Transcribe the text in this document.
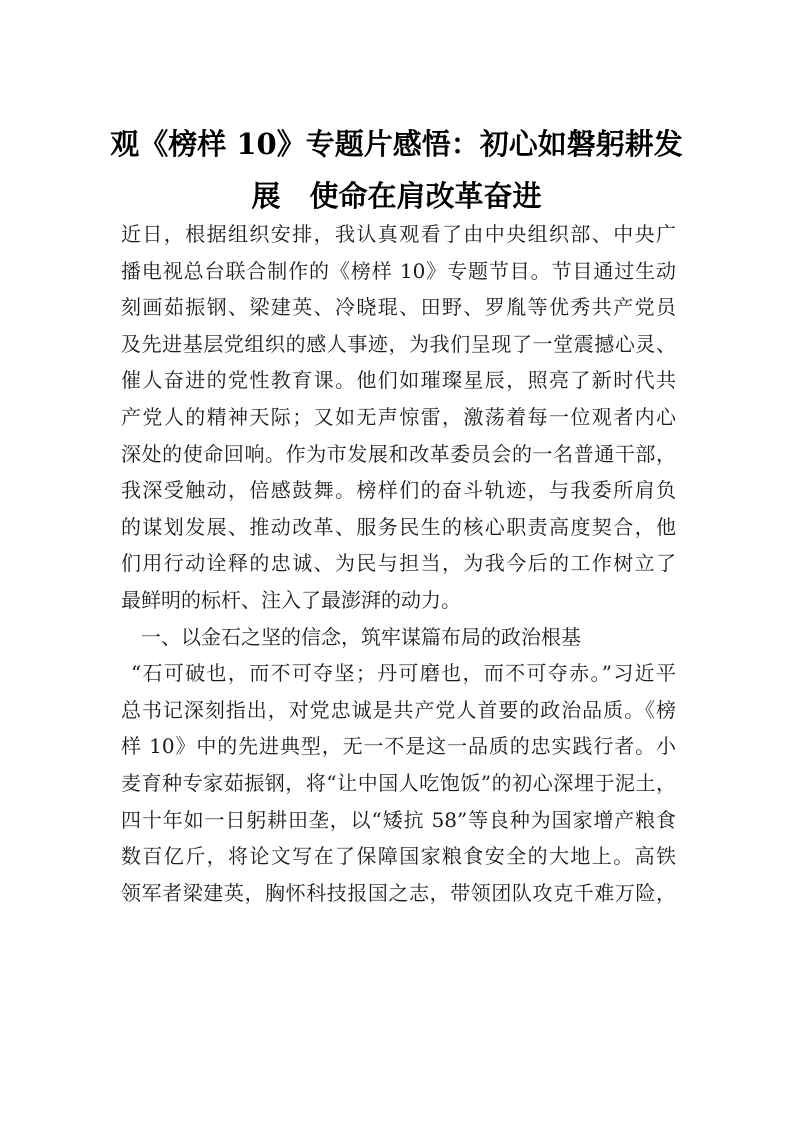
观《榜样 10》专题片感悟：初心如磐躬耕发
展　使命在肩改革奋进
近日，根据组织安排，我认真观看了由中央组织部、中央广
播电视总台联合制作的《榜样 10》专题节目。节目通过生动
刻画茹振钢、梁建英、冷晓琨、田野、罗胤等优秀共产党员
及先进基层党组织的感人事迹，为我们呈现了一堂震撼心灵、
催人奋进的党性教育课。他们如璀璨星辰，照亮了新时代共
产党人的精神天际；又如无声惊雷，激荡着每一位观者内心
深处的使命回响。作为市发展和改革委员会的一名普通干部，
我深受触动，倍感鼓舞。榜样们的奋斗轨迹，与我委所肩负
的谋划发展、推动改革、服务民生的核心职责高度契合，他
们用行动诠释的忠诚、为民与担当，为我今后的工作树立了
最鲜明的标杆、注入了最澎湃的动力。
一、以金石之坚的信念，筑牢谋篇布局的政治根基
“石可破也，而不可夺坚；丹可磨也，而不可夺赤。”习近平
总书记深刻指出，对党忠诚是共产党人首要的政治品质。《榜
样 10》中的先进典型，无一不是这一品质的忠实践行者。小
麦育种专家茹振钢，将“让中国人吃饱饭”的初心深埋于泥土，
四十年如一日躬耕田垄，以“矮抗 58”等良种为国家增产粮食
数百亿斤，将论文写在了保障国家粮食安全的大地上。高铁
领军者梁建英，胸怀科技报国之志，带领团队攻克千难万险，
